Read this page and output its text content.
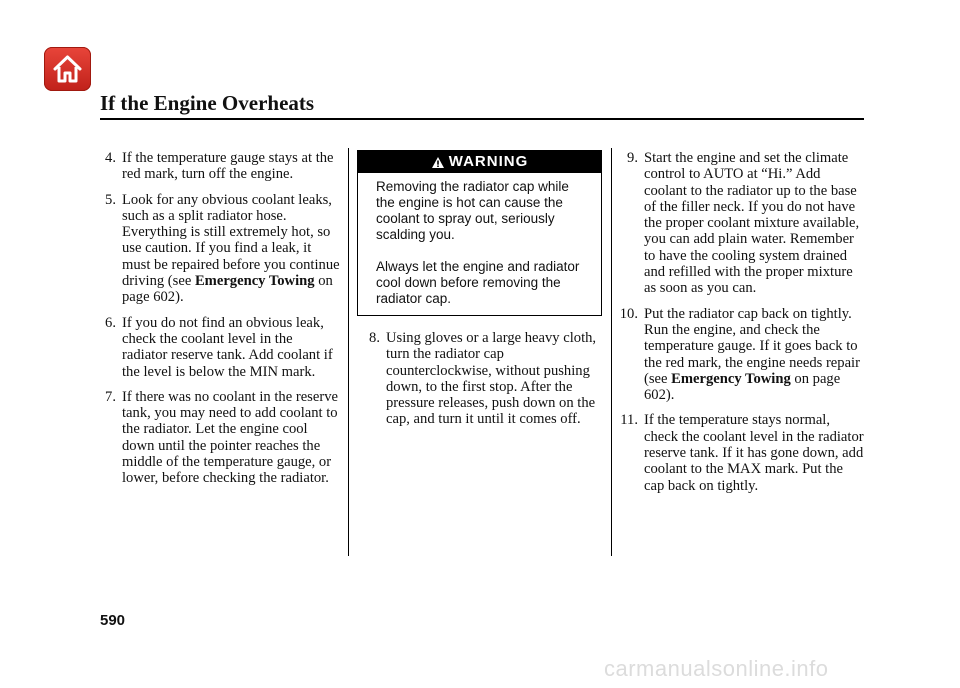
If the Engine Overheats
4. If the temperature gauge stays at the red mark, turn off the engine.
5. Look for any obvious coolant leaks, such as a split radiator hose. Everything is still extremely hot, so use caution. If you find a leak, it must be repaired before you continue driving (see Emergency Towing on page 602).
6. If you do not find an obvious leak, check the coolant level in the radiator reserve tank. Add coolant if the level is below the MIN mark.
7. If there was no coolant in the reserve tank, you may need to add coolant to the radiator. Let the engine cool down until the pointer reaches the middle of the temperature gauge, or lower, before checking the radiator.
WARNING

Removing the radiator cap while the engine is hot can cause the coolant to spray out, seriously scalding you.

Always let the engine and radiator cool down before removing the radiator cap.

8. Using gloves or a large heavy cloth, turn the radiator cap counterclockwise, without pushing down, to the first stop. After the pressure releases, push down on the cap, and turn it until it comes off.
9. Start the engine and set the climate control to AUTO at “Hi.” Add coolant to the radiator up to the base of the filler neck. If you do not have the proper coolant mixture available, you can add plain water. Remember to have the cooling system drained and refilled with the proper mixture as soon as you can.
10. Put the radiator cap back on tightly. Run the engine, and check the temperature gauge. If it goes back to the red mark, the engine needs repair (see Emergency Towing on page 602).
11. If the temperature stays normal, check the coolant level in the radiator reserve tank. If it has gone down, add coolant to the MAX mark. Put the cap back on tightly.
590
carmanualsonline.info
